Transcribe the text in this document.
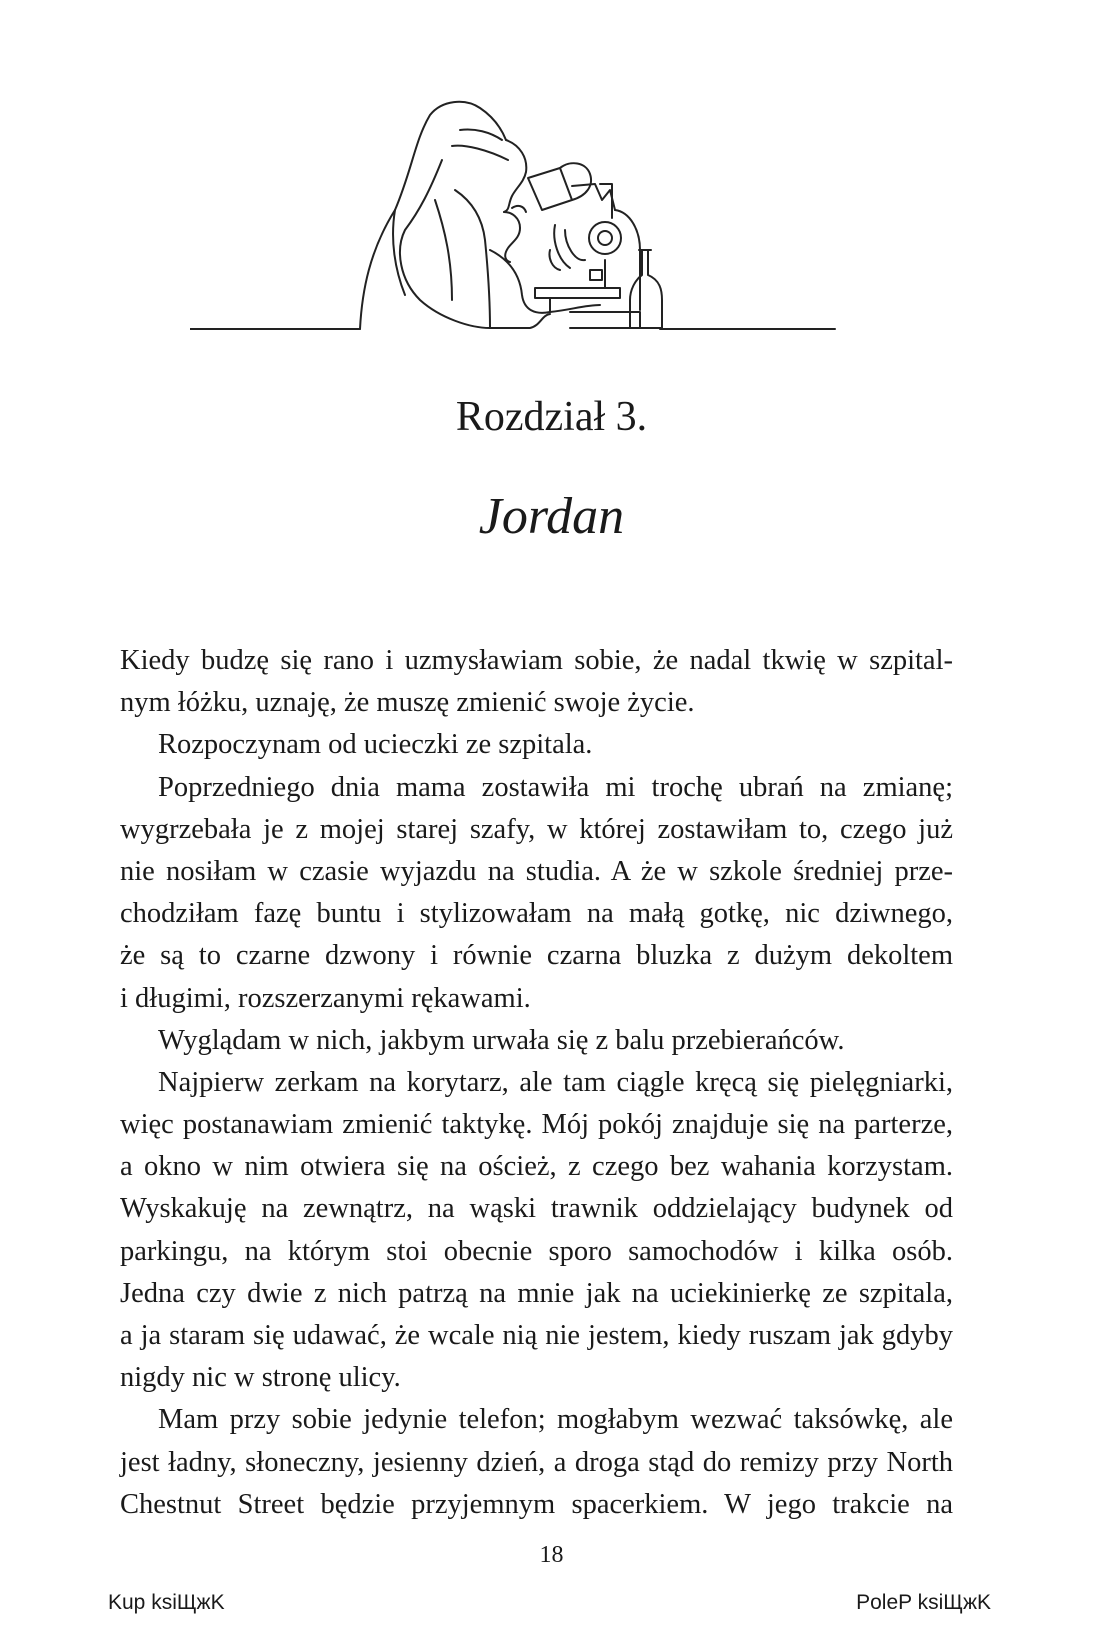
Rozdział 3.
Jordan
Kiedy budzę się rano i uzmysławiam sobie, że nadal tkwię w szpital-
nym łóżku, uznaję, że muszę zmienić swoje życie.
Rozpoczynam od ucieczki ze szpitala.
Poprzedniego dnia mama zostawiła mi trochę ubrań na zmianę;
wygrzebała je z mojej starej szafy, w której zostawiłam to, czego już
nie nosiłam w czasie wyjazdu na studia. A że w szkole średniej prze-
chodziłam fazę buntu i stylizowałam na małą gotkę, nic dziwnego,
że są to czarne dzwony i równie czarna bluzka z dużym dekoltem
i długimi, rozszerzanymi rękawami.
Wyglądam w nich, jakbym urwała się z balu przebierańców.
Najpierw zerkam na korytarz, ale tam ciągle kręcą się pielęgniarki,
więc postanawiam zmienić taktykę. Mój pokój znajduje się na parterze,
a okno w nim otwiera się na oścież, z czego bez wahania korzystam.
Wyskakuję na zewnątrz, na wąski trawnik oddzielający budynek od
parkingu, na którym stoi obecnie sporo samochodów i kilka osób.
Jedna czy dwie z nich patrzą na mnie jak na uciekinierkę ze szpitala,
a ja staram się udawać, że wcale nią nie jestem, kiedy ruszam jak gdyby
nigdy nic w stronę ulicy.
Mam przy sobie jedynie telefon; mogłabym wezwać taksówkę, ale
jest ładny, słoneczny, jesienny dzień, a droga stąd do remizy przy North
Chestnut Street będzie przyjemnym spacerkiem. W jego trakcie na
18
Kup ksiЩжK	PoleP ksiЩжK
